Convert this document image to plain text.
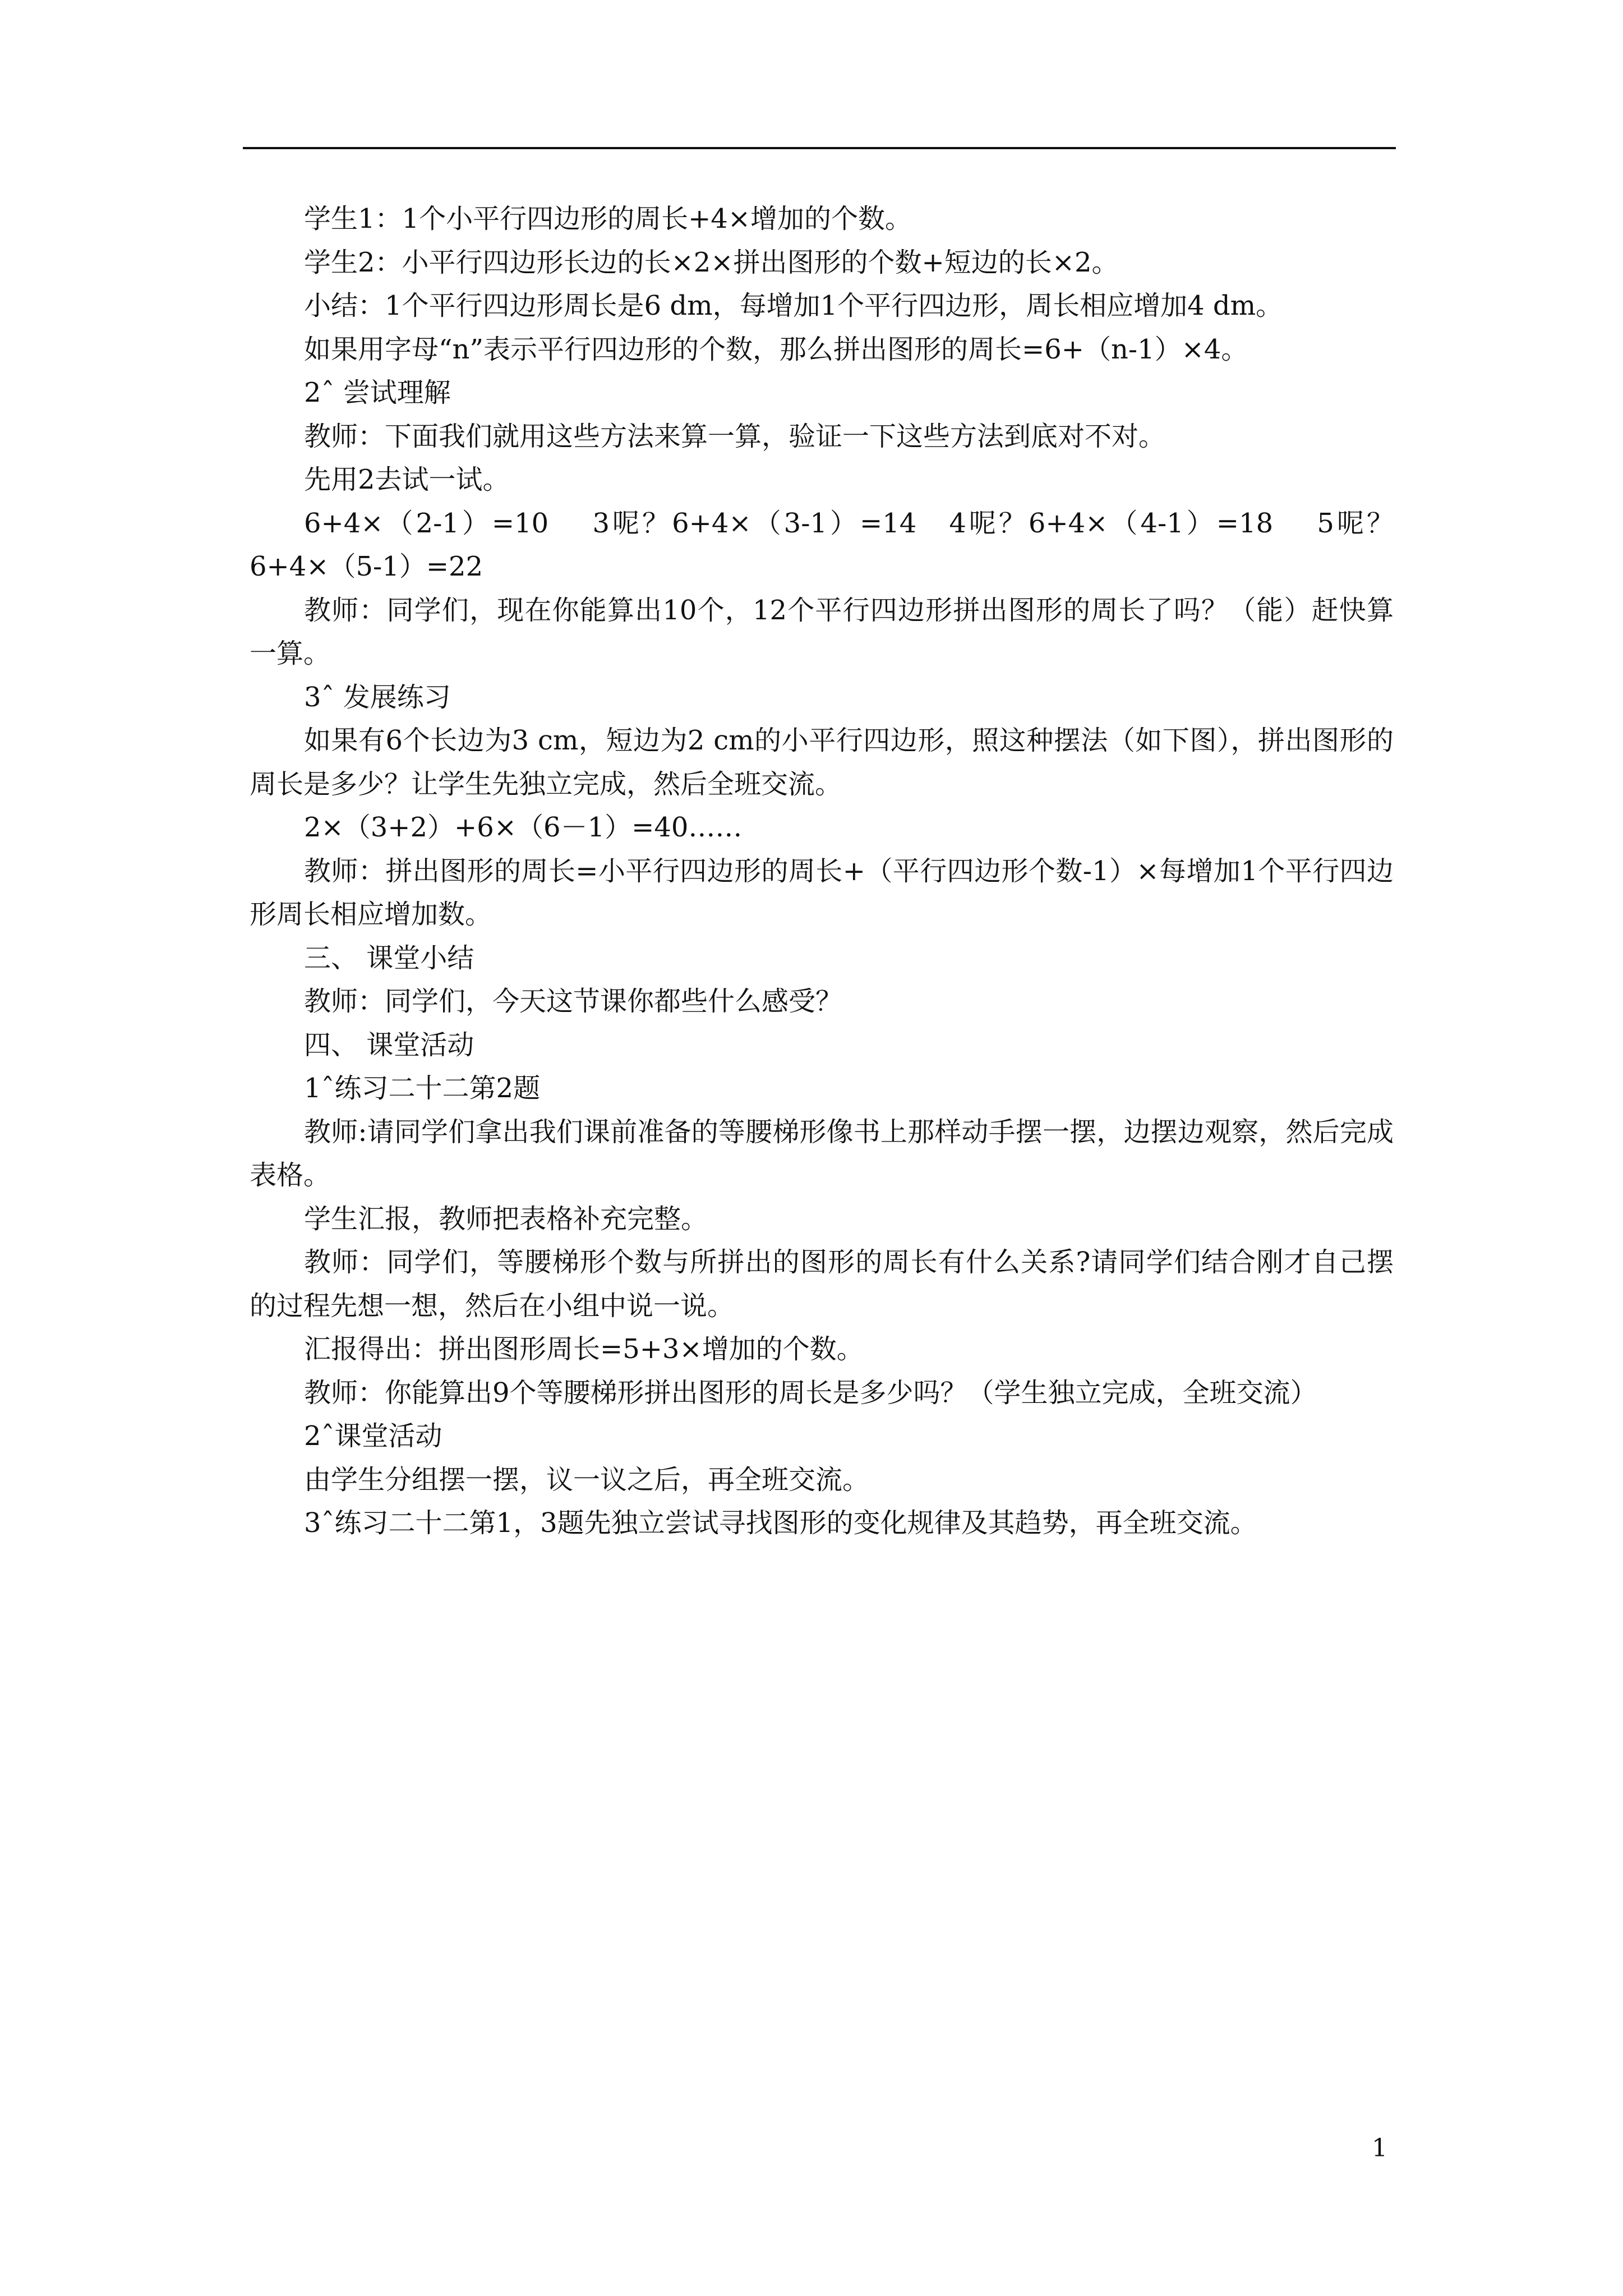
学生1：1个小平行四边形的周长+4×增加的个数。

学生2：小平行四边形长边的长×2×拼出图形的个数+短边的长×2。

小结：1个平行四边形周长是6 dm，每增加1个平行四边形，周长相应增加4 dm。

如果用字母“n”表示平行四边形的个数，那么拼出图形的周长=6+（n-1）×4。

2ˆ 尝试理解

教师：下面我们就用这些方法来算一算，验证一下这些方法到底对不对。

先用2去试一试。

6+4×（2-1）=10　 3呢？6+4×（3-1）=14　4呢？6+4×（4-1）=18　 5呢？6+4×（5-1）=22

教师：同学们，现在你能算出10个，12个平行四边形拼出图形的周长了吗？（能）赶快算一算。

3ˆ 发展练习

如果有6个长边为3 cm，短边为2 cm的小平行四边形，照这种摆法（如下图），拼出图形的周长是多少？让学生先独立完成，然后全班交流。

2×（3+2）+6×（6－1）=40……

教师：拼出图形的周长=小平行四边形的周长+（平行四边形个数-1）×每增加1个平行四边形周长相应增加数。

三、 课堂小结

教师：同学们，今天这节课你都些什么感受？

四、 课堂活动

1ˆ练习二十二第2题

教师:请同学们拿出我们课前准备的等腰梯形像书上那样动手摆一摆，边摆边观察，然后完成表格。

学生汇报，教师把表格补充完整。

教师：同学们，等腰梯形个数与所拼出的图形的周长有什么关系?请同学们结合刚才自己摆的过程先想一想，然后在小组中说一说。

汇报得出：拼出图形周长=5+3×增加的个数。

教师：你能算出9个等腰梯形拼出图形的周长是多少吗？（学生独立完成，全班交流）

2ˆ课堂活动

由学生分组摆一摆，议一议之后，再全班交流。

3ˆ练习二十二第1，3题先独立尝试寻找图形的变化规律及其趋势，再全班交流。

1
